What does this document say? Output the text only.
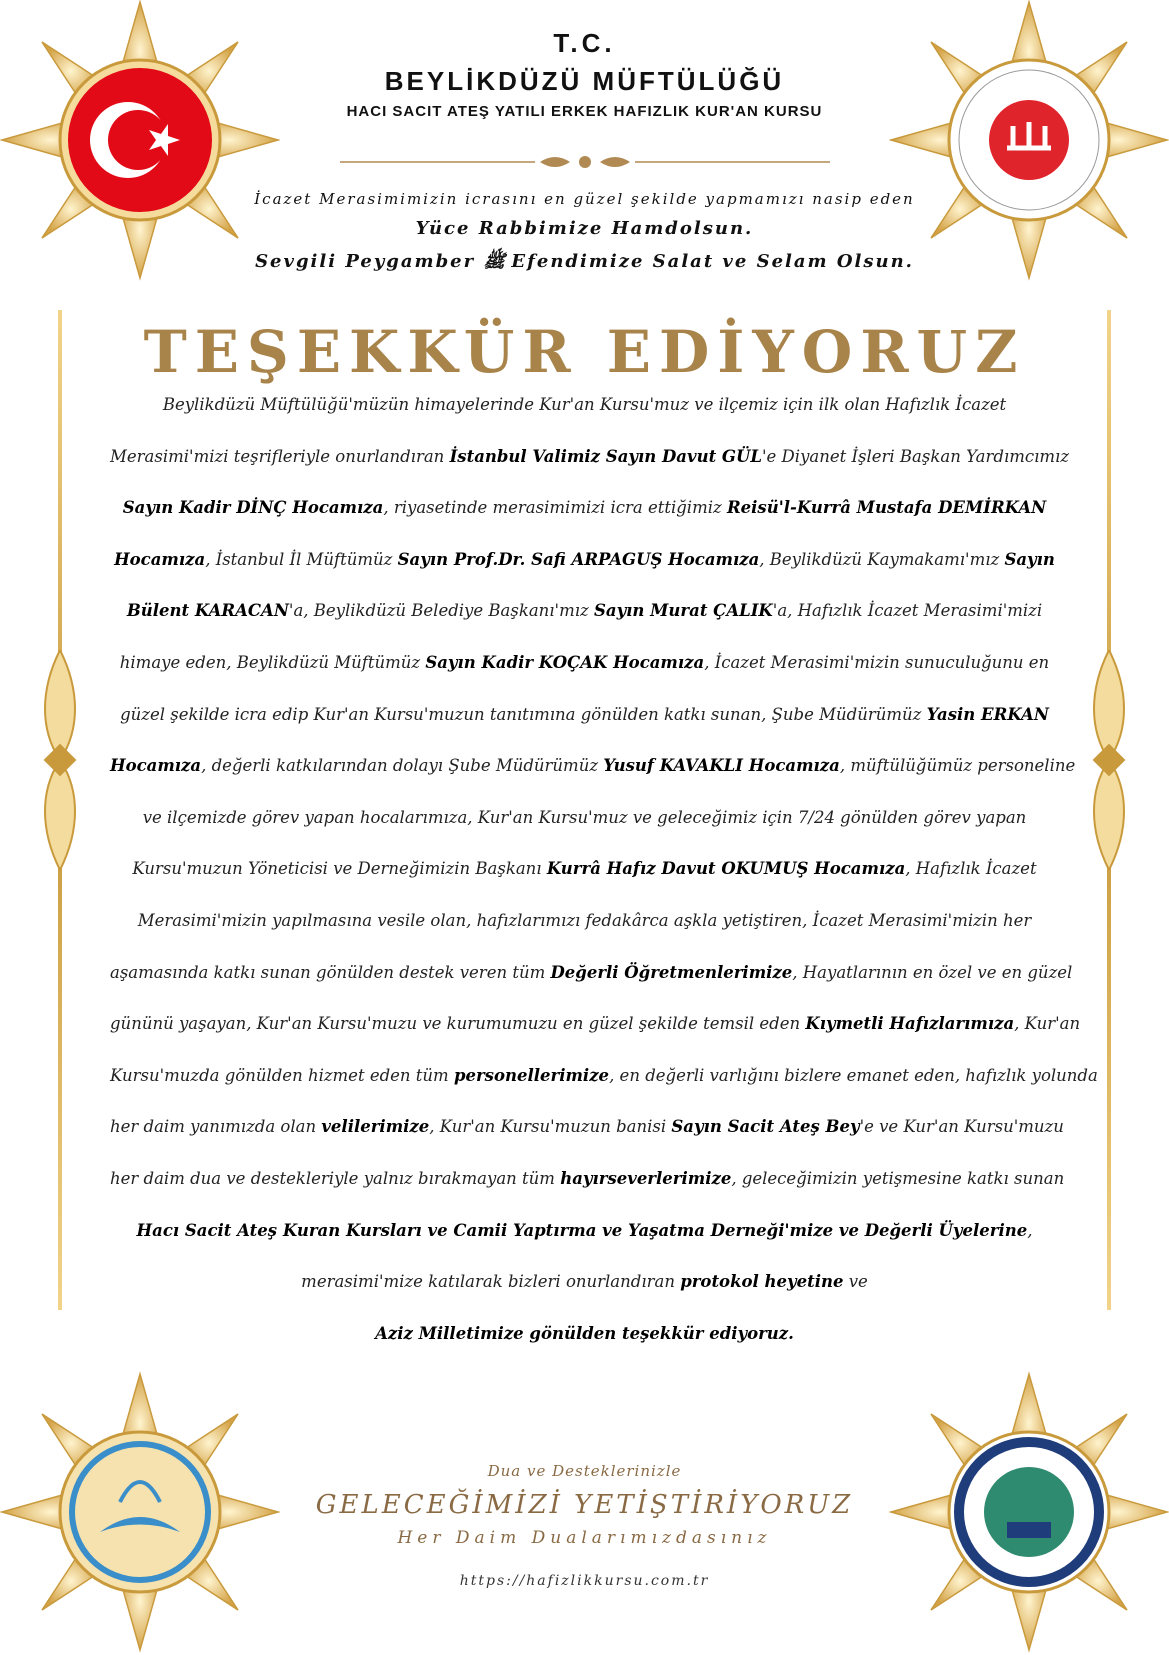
T.C.
BEYLİKDÜZÜ MÜFTÜLÜĞÜ
HACI SACIT ATEŞ YATILI ERKEK HAFIZLIK KUR'AN KURSU
İcazet Merasimimizin icrasını en güzel şekilde yapmamızı nasip eden
Yüce Rabbimize Hamdolsun.
Sevgili Peygamber ﷺ Efendimize Salat ve Selam Olsun.
TEŞEKKÜR EDİYORUZ
Beylikdüzü Müftülüğü'müzün himayelerinde Kur'an Kursu'muz ve ilçemiz için ilk olan Hafızlık İcazet
Merasimi'mizi teşrifleriyle onurlandıran İstanbul Valimiz Sayın Davut GÜL'e Diyanet İşleri Başkan Yardımcımız
Sayın Kadir DİNÇ Hocamıza, riyasetinde merasimimizi icra ettiğimiz Reisü'l-Kurrâ Mustafa DEMİRKAN
Hocamıza, İstanbul İl Müftümüz Sayın Prof.Dr. Safi ARPAGUŞ Hocamıza, Beylikdüzü Kaymakamı'mız Sayın
Bülent KARACAN'a, Beylikdüzü Belediye Başkanı'mız Sayın Murat ÇALIK'a, Hafızlık İcazet Merasimi'mizi
himaye eden, Beylikdüzü Müftümüz Sayın Kadir KOÇAK Hocamıza, İcazet Merasimi'mizin sunuculuğunu en
güzel şekilde icra edip Kur'an Kursu'muzun tanıtımına gönülden katkı sunan, Şube Müdürümüz Yasin ERKAN
Hocamıza, değerli katkılarından dolayı Şube Müdürümüz Yusuf KAVAKLI Hocamıza, müftülüğümüz personeline
ve ilçemizde görev yapan hocalarımıza, Kur'an Kursu'muz ve geleceğimiz için 7/24 gönülden görev yapan
Kursu'muzun Yöneticisi ve Derneğimizin Başkanı Kurrâ Hafız Davut OKUMUŞ Hocamıza, Hafızlık İcazet
Merasimi'mizin yapılmasına vesile olan, hafızlarımızı fedakârca aşkla yetiştiren, İcazet Merasimi'mizin her
aşamasında katkı sunan gönülden destek veren tüm Değerli Öğretmenlerimize, Hayatlarının en özel ve en güzel
gününü yaşayan, Kur'an Kursu'muzu ve kurumumuzu en güzel şekilde temsil eden Kıymetli Hafızlarımıza, Kur'an
Kursu'muzda gönülden hizmet eden tüm personellerimize, en değerli varlığını bizlere emanet eden, hafızlık yolunda
her daim yanımızda olan velilerimize, Kur'an Kursu'muzun banisi Sayın Sacit Ateş Bey'e ve Kur'an Kursu'muzu
her daim dua ve destekleriyle yalnız bırakmayan tüm hayırseverlerimize, geleceğimizin yetişmesine katkı sunan
Hacı Sacit Ateş Kuran Kursları ve Camii Yaptırma ve Yaşatma Derneği'mize ve Değerli Üyelerine,
merasimi'mize katılarak bizleri onurlandıran protokol heyetine ve
Aziz Milletimize gönülden teşekkür ediyoruz.
Dua ve Desteklerinizle
GELECEĞİMİZİ YETİŞTİRİYORUZ
Her Daim Dualarımızdasınız
https://hafizlikkursu.com.tr
